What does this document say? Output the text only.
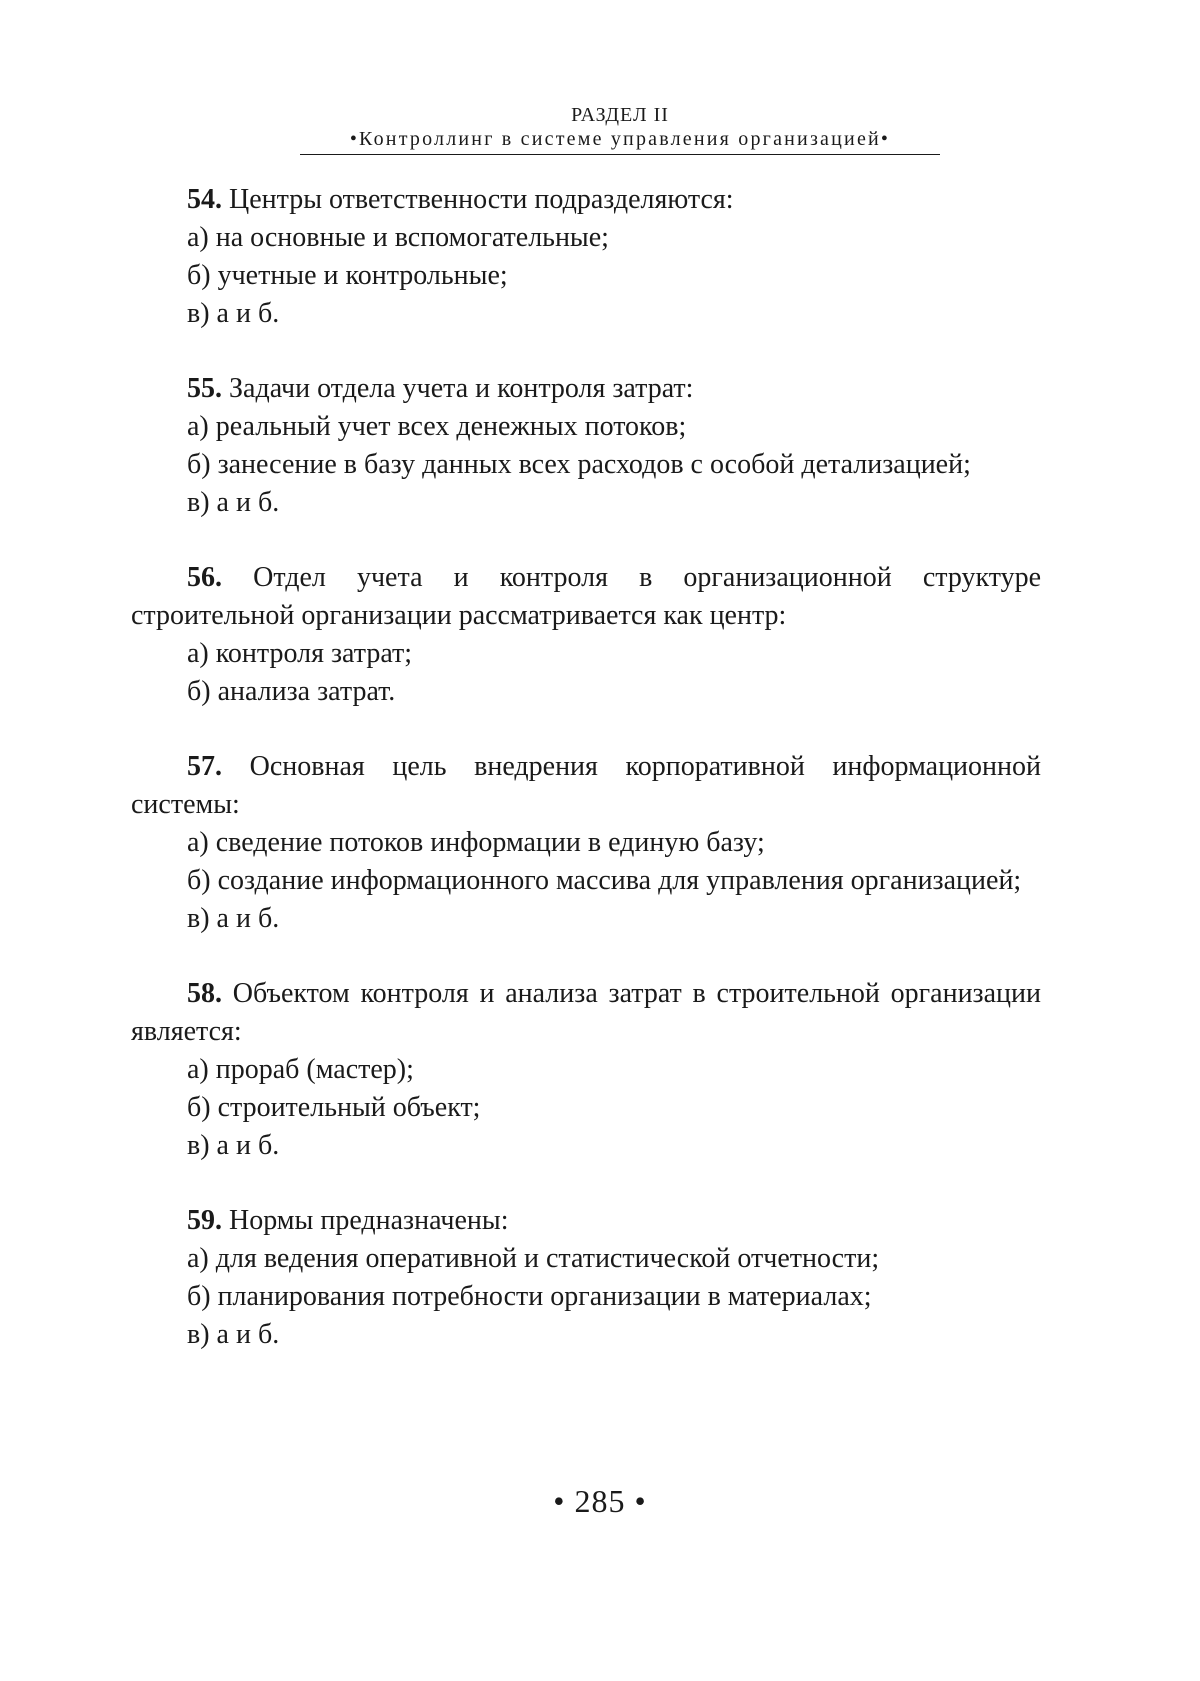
РАЗДЕЛ II
•Контроллинг в системе управления организацией•
54. Центры ответственности подразделяются:
а) на основные и вспомогательные;
б) учетные и контрольные;
в) а и б.
55. Задачи отдела учета и контроля затрат:
а) реальный учет всех денежных потоков;
б) занесение в базу данных всех расходов с особой детализацией;
в) а и б.
56. Отдел учета и контроля в организационной структуре строительной организации рассматривается как центр:
а) контроля затрат;
б) анализа затрат.
57. Основная цель внедрения корпоративной информационной системы:
а) сведение потоков информации в единую базу;
б) создание информационного массива для управления организацией;
в) а и б.
58. Объектом контроля и анализа затрат в строительной организации является:
а) прораб (мастер);
б) строительный объект;
в) а и б.
59. Нормы предназначены:
а) для ведения оперативной и статистической отчетности;
б) планирования потребности организации в материалах;
в) а и б.
• 285 •
